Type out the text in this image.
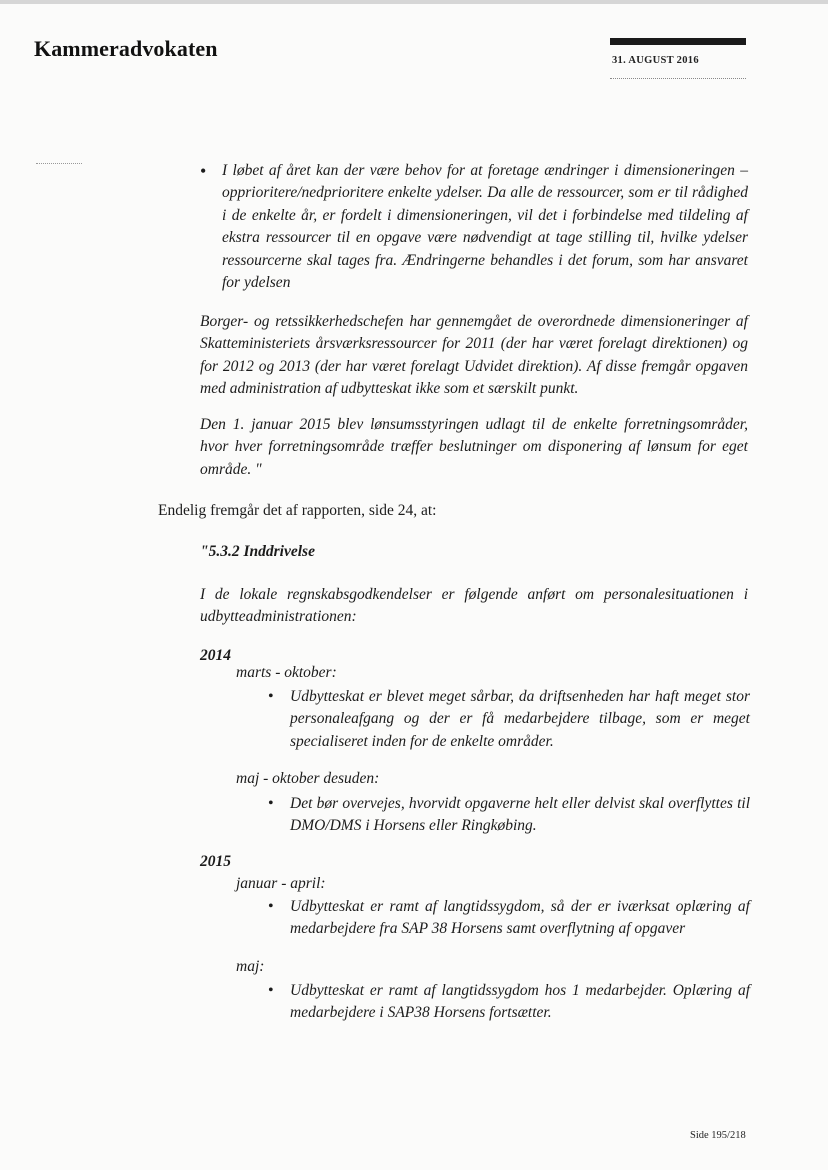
Kammeradvokaten	31. AUGUST 2016
• I løbet af året kan der være behov for at foretage ændringer i dimensioneringen – opprioritere/nedprioritere enkelte ydelser. Da alle de ressourcer, som er til rådighed i de enkelte år, er fordelt i dimensioneringen, vil det i forbindelse med tildeling af ekstra ressourcer til en opgave være nødvendigt at tage stilling til, hvilke ydelser ressourcerne skal tages fra. Ændringerne behandles i det forum, som har ansvaret for ydelsen

Borger- og retssikkerhedschefen har gennemgået de overordnede dimensioneringer af Skatteministeriets årsværksressourcer for 2011 (der har været forelagt direktionen) og for 2012 og 2013 (der har været forelagt Udvidet direktion). Af disse fremgår opgaven med administration af udbytteskat ikke som et særskilt punkt.

Den 1. januar 2015 blev lønsumsstyringen udlagt til de enkelte forretningsområder, hvor hver forretningsområde træffer beslutninger om disponering af lønsum for eget område. "

Endelig fremgår det af rapporten, side 24, at:
"5.3.2 Inddrivelse

I de lokale regnskabsgodkendelser er følgende anført om personalesituationen i udbytteadministrationen:

2014
marts - oktober:
• Udbytteskat er blevet meget sårbar, da driftsenheden har haft meget stor personaleafgang og der er få medarbejdere tilbage, som er meget specialiseret inden for de enkelte områder.

maj - oktober desuden:
• Det bør overvejes, hvorvidt opgaverne helt eller delvist skal overflyttes til DMO/DMS i Horsens eller Ringkøbing.

2015
januar - april:
• Udbytteskat er ramt af langtidssygdom, så der er iværksat oplæring af medarbejdere fra SAP 38 Horsens samt overflytning af opgaver

maj:
• Udbytteskat er ramt af langtidssygdom hos 1 medarbejder. Oplæring af medarbejdere i SAP38 Horsens fortsætter.

Side 195/218
